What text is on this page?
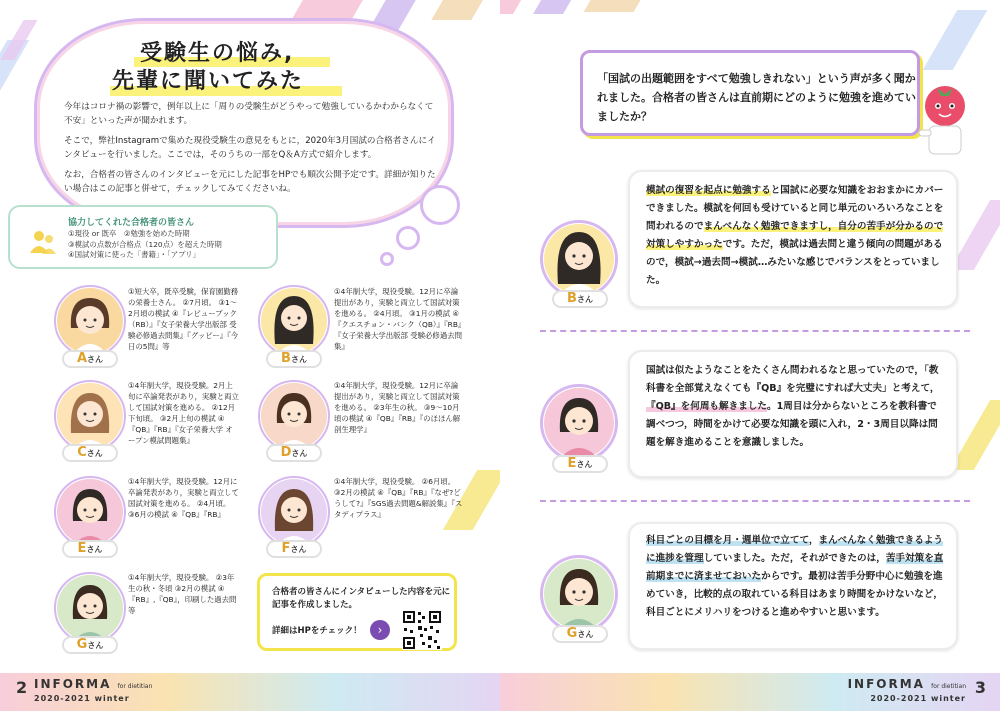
受験生の悩み,
先輩に聞いてみた

今年はコロナ禍の影響で，例年以上に「周りの受験生がどうやって勉強しているかわからなくて不安」といった声が聞かれます。

そこで，弊社Instagramで集めた現役受験生の意見をもとに，2020年3月国試の合格者さんにインタビューを行いました。ここでは，そのうちの一部をQ＆A方式で紹介します。

なお，合格者の皆さんのインタビューを元にした記事をHPでも順次公開予定です。詳細が知りたい場合はこの記事と併せて，チェックしてみてくださいね。

協力してくれた合格者の皆さん
①現役 or 既卒　②勉強を始めた時期
③模試の点数が合格点（120点）を超えた時期
④国試対策に使った「書籍」・「アプリ」
Aさん
①短大卒，既卒受験，保育園勤務の栄養士さん。 ②7月頃。 ③1～2月頃の模試 ④『レビューブック（RB）』『女子栄養大学出版部 受験必修過去問集』『グッピー』『今日の5問』等
Bさん
①4年制大学，現役受験。12月に卒論提出があり，実験と両立して国試対策を進める。 ②4月頃。 ③1月の模試 ④『クエスチョン・バンク（QB）』『RB』『女子栄養大学出版部 受験必修過去問集』
Cさん
①4年制大学，現役受験。2月上旬に卒論発表があり，実験と両立して国試対策を進める。 ②12月下旬頃。 ③2月上旬の模試 ④『QB』『RB』『女子栄養大学 オープン模試問題集』
Dさん
①4年制大学，現役受験。12月に卒論提出があり，実験と両立して国試対策を進める。 ②3年生の秋。 ③9～10月頃の模試 ④『QB』『RB』『のほほん解剖生理学』
Eさん
①4年制大学，現役受験。12月に卒論発表があり，実験と両立して国試対策を進める。 ②4月頃。 ③6月の模試 ④『QB』『RB』
Fさん
①4年制大学，現役受験。 ②6月頃。 ③2月の模試 ④『QB』『RB』『なぜ?どうして?』『SGS過去問題&解説集』『スタディプラス』
Gさん
①4年制大学，現役受験。 ②3年生の秋・冬頃 ③2月の模試 ④『RB』,『QB』，印刷した過去問 等
合格者の皆さんにインタビューした内容を元に記事を作成しました。
詳細はHPをチェック！	›
2 INFORMA for dietitian
2020-2021 winter
「国試の出題範囲をすべて勉強しきれない」という声が多く聞かれました。合格者の皆さんは直前期にどのように勉強を進めていましたか？
Bさん
模試の復習を起点に勉強すると国試に必要な知識をおおまかにカバーできました。模試を何回も受けていると同じ単元のいろいろなことを問われるのでまんべんなく勉強できますし，自分の苦手が分かるので対策しやすかったです。ただ，模試は過去問と違う傾向の問題があるので，模試→過去問→模試…みたいな感じでバランスをとっていました。
Eさん
国試は似たようなことをたくさん問われるなと思っていたので，「教科書を全部覚えなくても『QB』を完璧にすれば大丈夫」と考えて，『QB』を何周も解きました。1周目は分からないところを教科書で調べつつ，時間をかけて必要な知識を頭に入れ，2・3周目以降は問題を解き進めることを意識しました。
Gさん
科目ごとの目標を月・週単位で立てて，まんべんなく勉強できるように進捗を管理していました。ただ，それができたのは，苦手対策を直前期までに済ませておいたからです。最初は苦手分野中心に勉強を進めていき，比較的点の取れている科目はあまり時間をかけないなど，科目ごとにメリハリをつけると進めやすいと思います。
INFORMA for dietitian
2020-2021 winter
3
